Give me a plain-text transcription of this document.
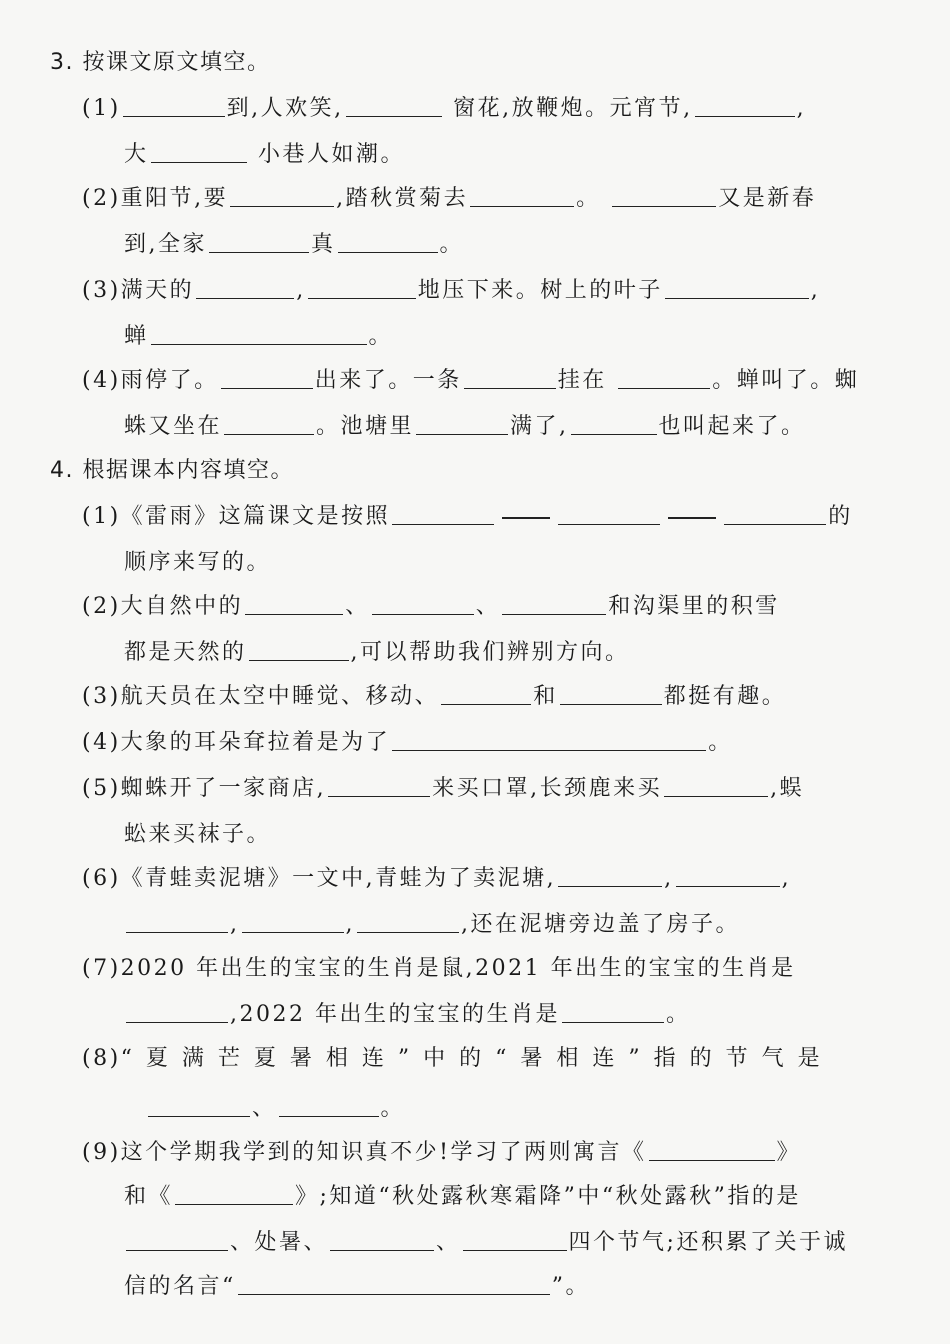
3. 按课文原文填空。
(1)	到,人欢笑,	窗花,放鞭炮。元宵节,	,
大	小巷人如潮。
(2)重阳节,要	,踏秋赏菊去	。	又是新春
到,全家	真	。
(3)满天的	,	地压下来。树上的叶子	,
蝉	。
(4)雨停了。	出来了。一条	挂在	。蝉叫了。蜘
蛛又坐在	。池塘里	满了,	也叫起来了。
4. 根据课本内容填空。
(1)《雷雨》这篇课文是按照	的
顺序来写的。
(2)大自然中的	、	、	和沟渠里的积雪
都是天然的	,可以帮助我们辨别方向。
(3)航天员在太空中睡觉、移动、	和	都挺有趣。
(4)大象的耳朵耷拉着是为了	。
(5)蜘蛛开了一家商店,	来买口罩,长颈鹿来买	,蜈
蚣来买袜子。
(6)《青蛙卖泥塘》一文中,青蛙为了卖泥塘,	,	,
,	,	,还在泥塘旁边盖了房子。
(7)2020 年出生的宝宝的生肖是鼠,2021 年出生的宝宝的生肖是
,2022 年出生的宝宝的生肖是	。
(8)“夏满芒夏暑相连”中的“暑相连”指的节气是
、	。
(9)这个学期我学到的知识真不少!学习了两则寓言《	》
和《	》;知道“秋处露秋寒霜降”中“秋处露秋”指的是
、处暑、	、	四个节气;还积累了关于诚
信的名言“	”。
